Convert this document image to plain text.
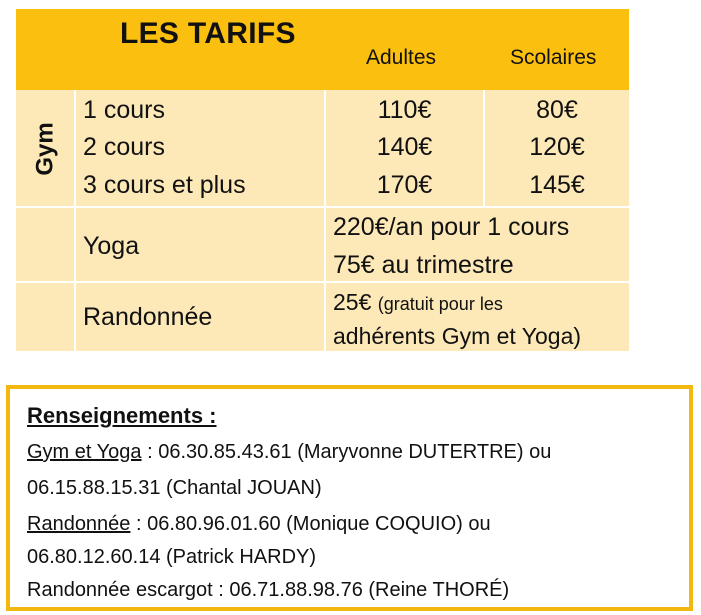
LES TARIFS
Adultes	Scolaires
Gym
1 cours
2 cours
3 cours et plus
110€
140€
170€
80€
120€
145€
Yoga
220€/an pour 1 cours
75€ au trimestre
Randonnée
25€ (gratuit pour les
adhérents Gym et Yoga)
Renseignements :
Gym et Yoga : 06.30.85.43.61 (Maryvonne DUTERTRE) ou
06.15.88.15.31 (Chantal JOUAN)
Randonnée : 06.80.96.01.60 (Monique COQUIO) ou
06.80.12.60.14 (Patrick HARDY)
Randonnée escargot : 06.71.88.98.76 (Reine THORÉ)
